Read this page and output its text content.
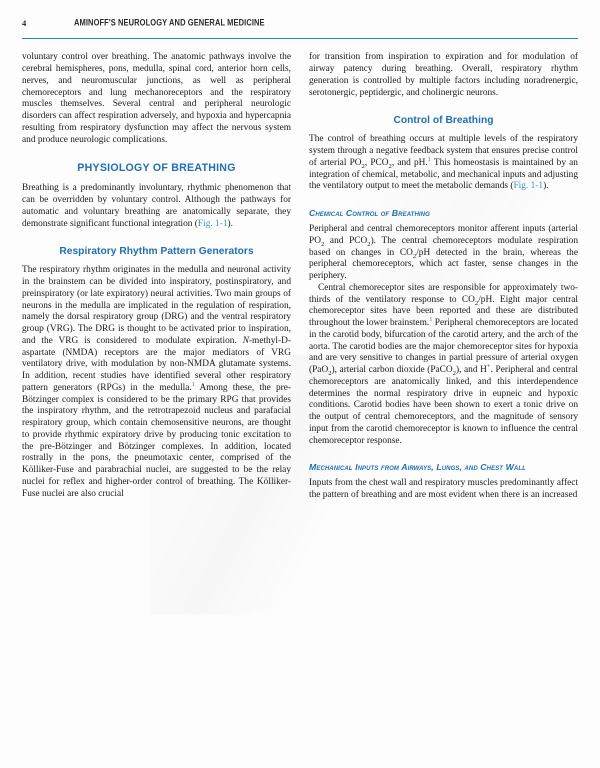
4	AMINOFF'S NEUROLOGY AND GENERAL MEDICINE

voluntary control over breathing. The anatomic pathways involve the cerebral hemispheres, pons, medulla, spinal cord, anterior horn cells, nerves, and neuromuscular junctions, as well as peripheral chemoreceptors and lung mechanoreceptors and the respiratory muscles themselves. Several central and peripheral neurologic disorders can affect respiration adversely, and hypoxia and hypercapnia resulting from respiratory dysfunction may affect the nervous system and produce neurologic complications.

PHYSIOLOGY OF BREATHING

Breathing is a predominantly involuntary, rhythmic phenomenon that can be overridden by voluntary control. Although the pathways for automatic and voluntary breathing are anatomically separate, they demonstrate significant functional integration (Fig. 1-1).

Respiratory Rhythm Pattern Generators

The respiratory rhythm originates in the medulla and neuronal activity in the brainstem can be divided into inspiratory, postinspiratory, and preinspiratory (or late expiratory) neural activities. Two main groups of neurons in the medulla are implicated in the regulation of respiration, namely the dorsal respiratory group (DRG) and the ventral respiratory group (VRG). The DRG is thought to be activated prior to inspiration, and the VRG is considered to modulate expiration. N-methyl-D-aspartate (NMDA) receptors are the major mediators of VRG ventilatory drive, with modulation by non-NMDA glutamate systems. In addition, recent studies have identified several other respiratory pattern generators (RPGs) in the medulla.$^1$ Among these, the pre-Bötzinger complex is considered to be the primary RPG that provides the inspiratory rhythm, and the retrotrapezoid nucleus and parafacial respiratory group, which contain chemosensitive neurons, are thought to provide rhythmic expiratory drive by producing tonic excitation to the pre-Bötzinger and Bötzinger complexes. In addition, located rostrally in the pons, the pneumotaxic center, comprised of the Kölliker-Fuse and parabrachial nuclei, are suggested to be the relay nuclei for reflex and higher-order control of breathing. The Kölliker-Fuse nuclei are also crucial

for transition from inspiration to expiration and for modulation of airway patency during breathing. Overall, respiratory rhythm generation is controlled by multiple factors including noradrenergic, serotonergic, peptidergic, and cholinergic neurons.

Control of Breathing

The control of breathing occurs at multiple levels of the respiratory system through a negative feedback system that ensures precise control of arterial $PO_2$, $PCO_2$, and pH.$^1$ This homeostasis is maintained by an integration of chemical, metabolic, and mechanical inputs and adjusting the ventilatory output to meet the metabolic demands (Fig. 1-1).

Chemical Control of Breathing

Peripheral and central chemoreceptors monitor afferent inputs (arterial $PO_2$ and $PCO_2$). The central chemoreceptors modulate respiration based on changes in $CO_2/pH$ detected in the brain, whereas the peripheral chemoreceptors, which act faster, sense changes in the periphery.

Central chemoreceptor sites are responsible for approximately two-thirds of the ventilatory response to $CO_2/pH$. Eight major central chemoreceptor sites have been reported and these are distributed throughout the lower brainstem.$^1$ Peripheral chemoreceptors are located in the carotid body, bifurcation of the carotid artery, and the arch of the aorta. The carotid bodies are the major chemoreceptor sites for hypoxia and are very sensitive to changes in partial pressure of arterial oxygen (PaO$_2$), arterial carbon dioxide (PaCO$_2$), and H+. Peripheral and central chemoreceptors are anatomically linked, and this interdependence determines the normal respiratory drive in eupneic and hypoxic conditions. Carotid bodies have been shown to exert a tonic drive on the output of central chemoreceptors, and the magnitude of sensory input from the carotid chemoreceptor is known to influence the central chemoreceptor response.

Mechanical Inputs from Airways, Lungs, and Chest Wall

Inputs from the chest wall and respiratory muscles predominantly affect the pattern of breathing and are most evident when there is an increased
